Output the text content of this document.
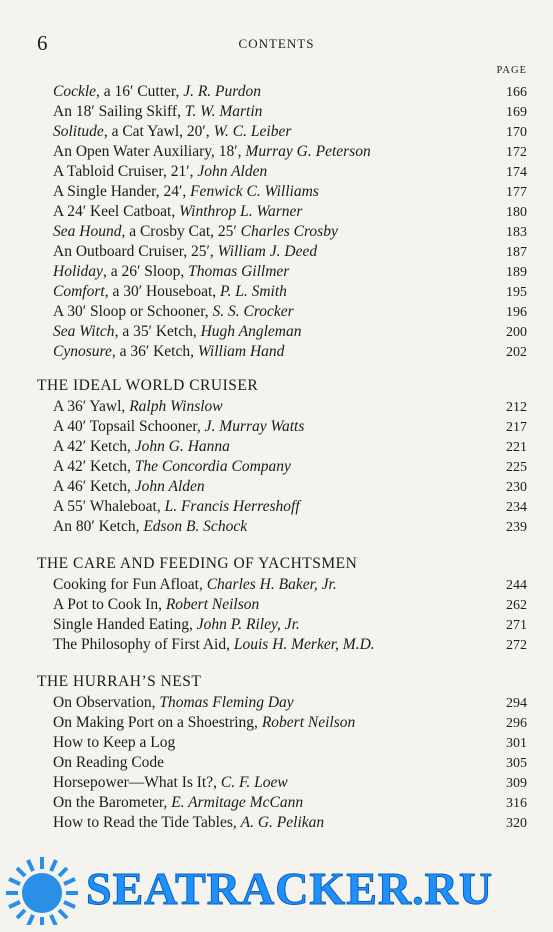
6	CONTENTS
PAGE
Cockle, a 16′ Cutter, J. R. Purdon	166
An 18′ Sailing Skiff, T. W. Martin	169
Solitude, a Cat Yawl, 20′, W. C. Leiber	170
An Open Water Auxiliary, 18′, Murray G. Peterson	172
A Tabloid Cruiser, 21′, John Alden	174
A Single Hander, 24′, Fenwick C. Williams	177
A 24′ Keel Catboat, Winthrop L. Warner	180
Sea Hound, a Crosby Cat, 25′ Charles Crosby	183
An Outboard Cruiser, 25′, William J. Deed	187
Holiday, a 26′ Sloop, Thomas Gillmer	189
Comfort, a 30′ Houseboat, P. L. Smith	195
A 30′ Sloop or Schooner, S. S. Crocker	196
Sea Witch, a 35′ Ketch, Hugh Angleman	200
Cynosure, a 36′ Ketch, William Hand	202
THE IDEAL WORLD CRUISER
A 36′ Yawl, Ralph Winslow	212
A 40′ Topsail Schooner, J. Murray Watts	217
A 42′ Ketch, John G. Hanna	221
A 42′ Ketch, The Concordia Company	225
A 46′ Ketch, John Alden	230
A 55′ Whaleboat, L. Francis Herreshoff	234
An 80′ Ketch, Edson B. Schock	239
THE CARE AND FEEDING OF YACHTSMEN
Cooking for Fun Afloat, Charles H. Baker, Jr.	244
A Pot to Cook In, Robert Neilson	262
Single Handed Eating, John P. Riley, Jr.	271
The Philosophy of First Aid, Louis H. Merker, M.D.	272
THE HURRAH’S NEST
On Observation, Thomas Fleming Day	294
On Making Port on a Shoestring, Robert Neilson	296
How to Keep a Log	301
On Reading Code	305
Horsepower—What Is It?, C. F. Loew	309
On the Barometer, E. Armitage McCann	316
How to Read the Tide Tables, A. G. Pelikan	320
SEATRACKER.RU
